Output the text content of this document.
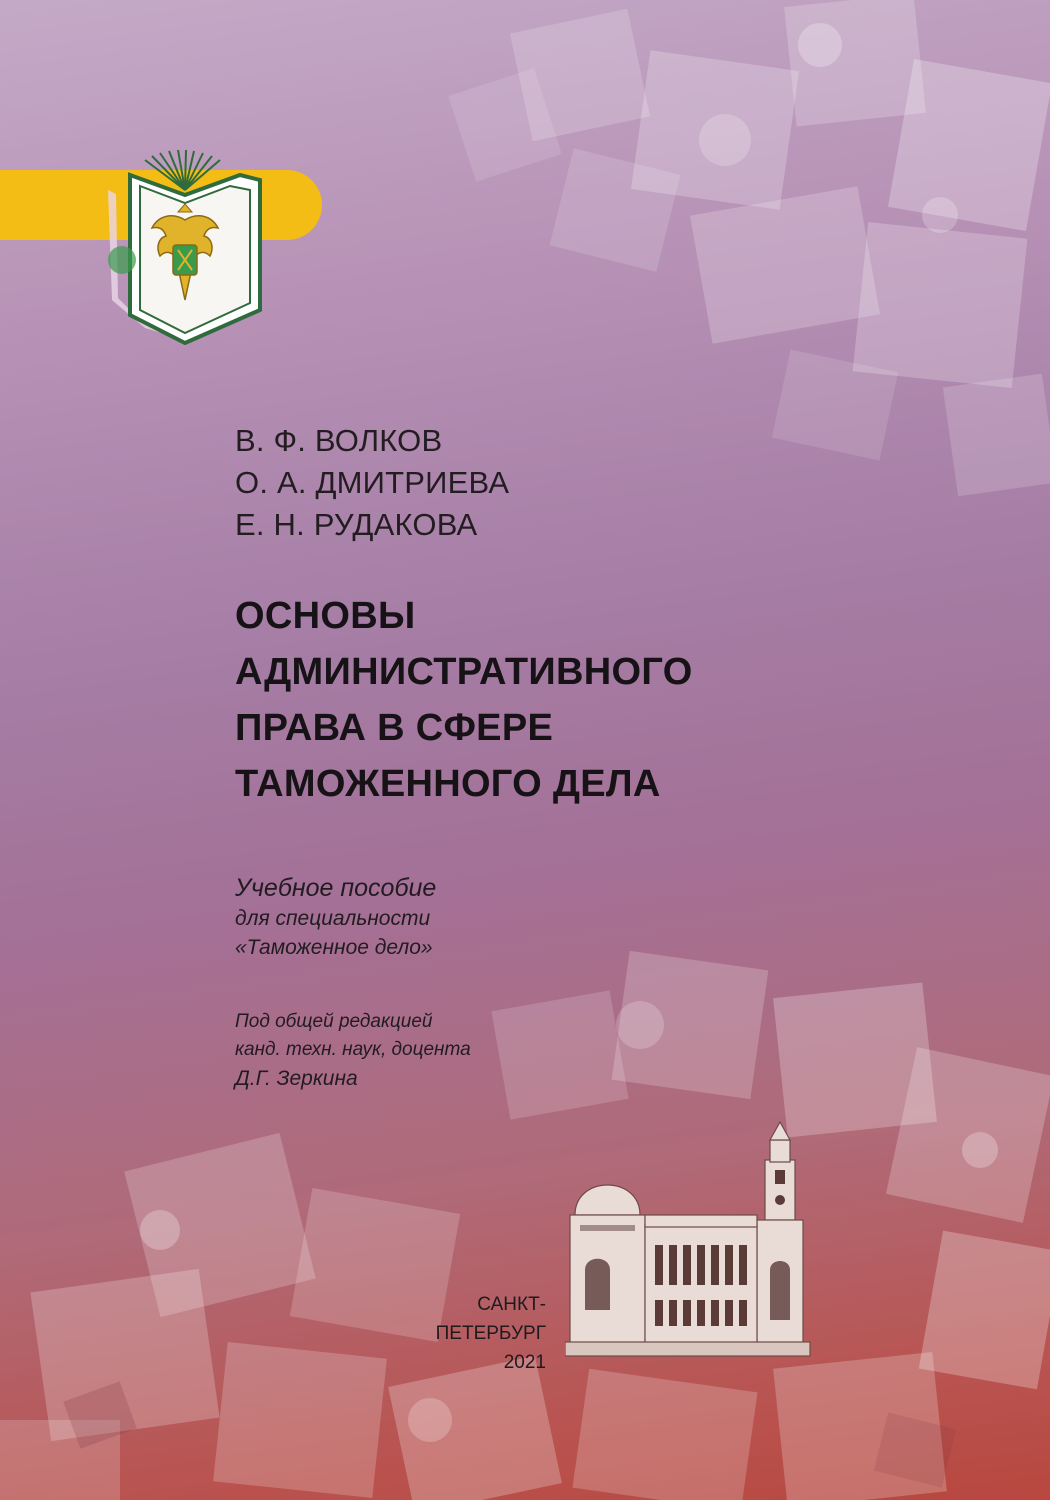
В. Ф. ВОЛКОВ
О. А. ДМИТРИЕВА
Е. Н. РУДАКОВА
ОСНОВЫ
АДМИНИСТРАТИВНОГО
ПРАВА В СФЕРЕ
ТАМОЖЕННОГО ДЕЛА
Учебное пособие
для специальности
«Таможенное дело»
Под общей редакцией
канд. техн. наук, доцента
Д.Г. Зеркина
САНКТ-ПЕТЕРБУРГ
2021
